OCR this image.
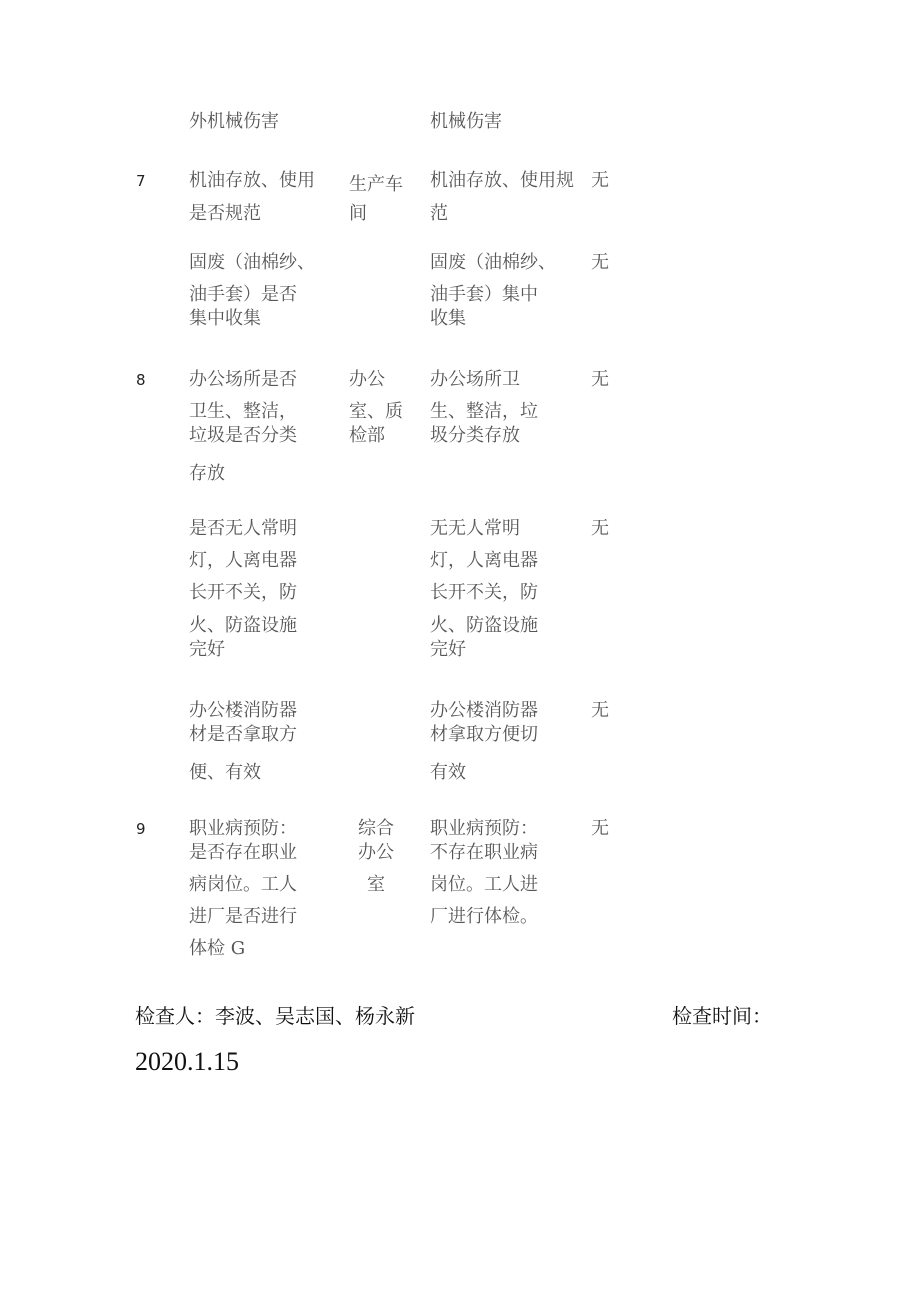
外机械伤害	机械伤害
7 机油存放、使用
是否规范
生产车
间
机油存放、使用规
范
无
固废（油棉纱、
油手套）是否
集中收集
固废（油棉纱、
油手套）集中
收集
无
8 办公场所是否
卫生、整洁，
垃圾是否分类
存放
办公
室、质
检部
办公场所卫
生、整洁，垃
圾分类存放
无
是否无人常明
灯，人离电器
长开不关，防
火、防盗设施
完好
无无人常明
灯，人离电器
长开不关，防
火、防盗设施
完好
无
办公楼消防器
材是否拿取方
便、有效
办公楼消防器
材拿取方便切
有效
无
9 职业病预防：
是否存在职业
病岗位。工人
进厂是否进行
体检 G
综合
办公
室
职业病预防：
不存在职业病
岗位。工人进
厂进行体检。
无
检查人：李波、吴志国、杨永新	检查时间：
2020.1.15
